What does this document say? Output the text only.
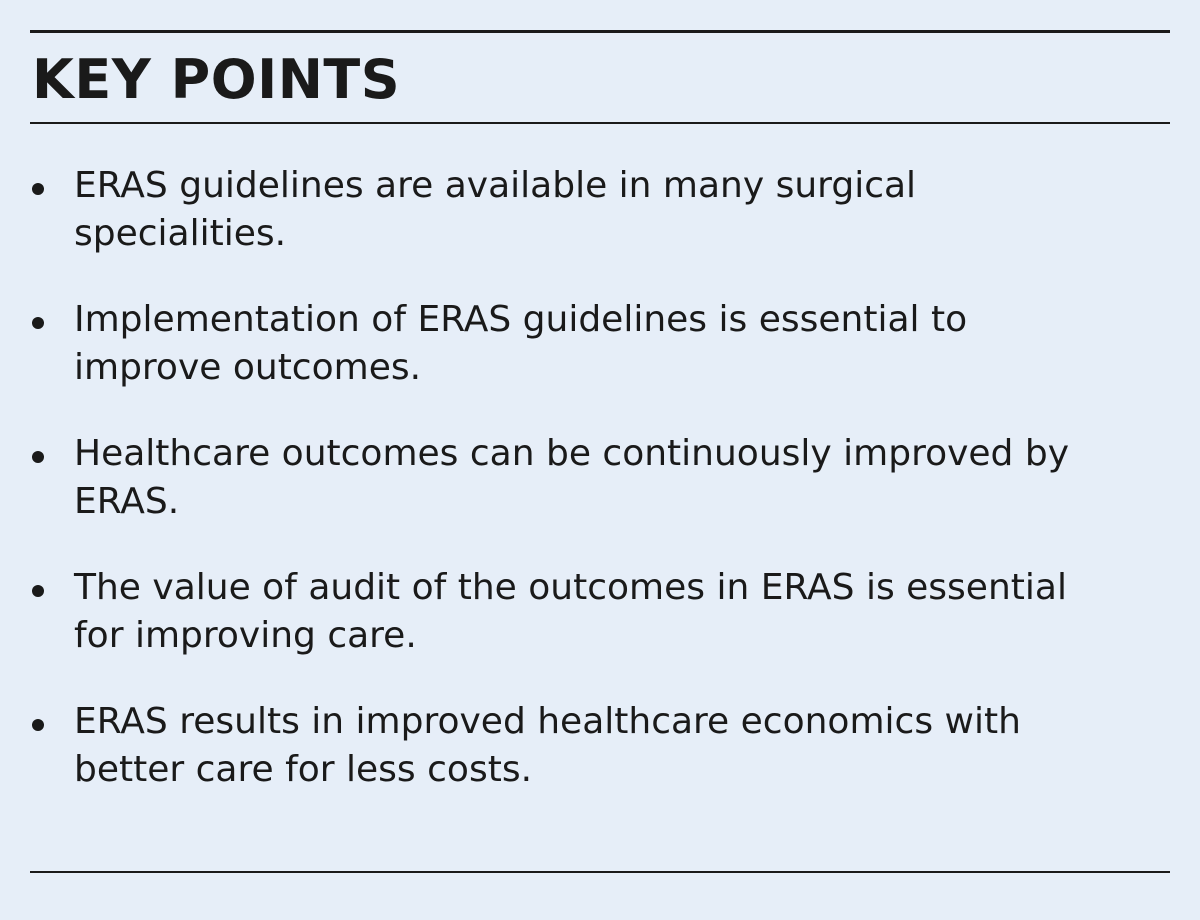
KEY POINTS
ERAS guidelines are available in many surgical specialities.
Implementation of ERAS guidelines is essential to improve outcomes.
Healthcare outcomes can be continuously improved by ERAS.
The value of audit of the outcomes in ERAS is essential for improving care.
ERAS results in improved healthcare economics with better care for less costs.
